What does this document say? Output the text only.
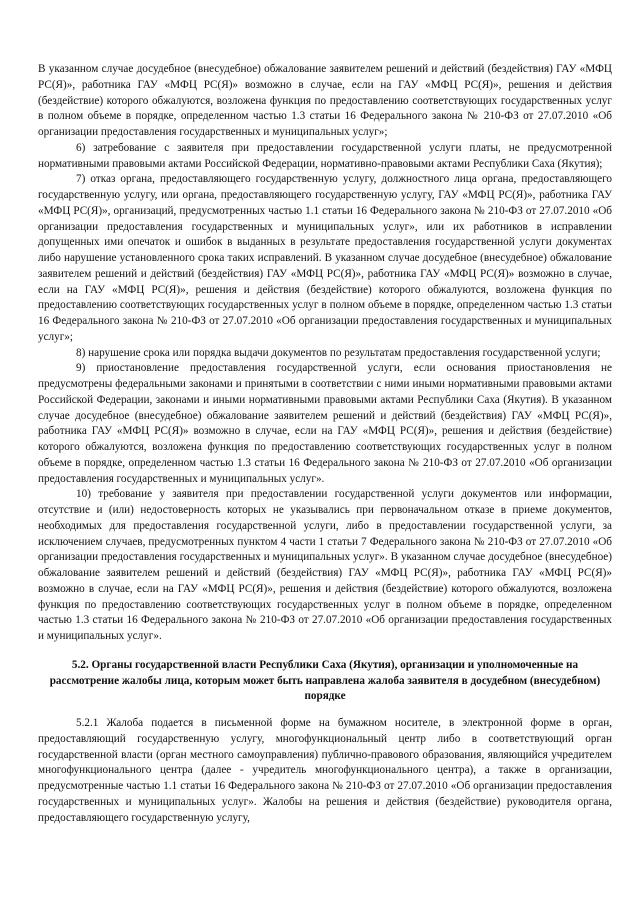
В указанном случае досудебное (внесудебное) обжалование заявителем решений и действий (бездействия) ГАУ «МФЦ РС(Я)», работника ГАУ «МФЦ РС(Я)» возможно в случае, если на ГАУ «МФЦ РС(Я)», решения и действия (бездействие) которого обжалуются, возложена функция по предоставлению соответствующих государственных услуг в полном объеме в порядке, определенном частью 1.3 статьи 16 Федерального закона № 210-ФЗ от 27.07.2010 «Об организации предоставления государственных и муниципальных услуг»;

6) затребование с заявителя при предоставлении государственной услуги платы, не предусмотренной нормативными правовыми актами Российской Федерации, нормативно-правовыми актами Республики Саха (Якутия);

7) отказ органа, предоставляющего государственную услугу, должностного лица органа, предоставляющего государственную услугу, или органа, предоставляющего государственную услугу, ГАУ «МФЦ РС(Я)», работника ГАУ «МФЦ РС(Я)», организаций, предусмотренных частью 1.1 статьи 16 Федерального закона № 210-ФЗ от 27.07.2010 «Об организации предоставления государственных и муниципальных услуг», или их работников в исправлении допущенных ими опечаток и ошибок в выданных в результате предоставления государственной услуги документах либо нарушение установленного срока таких исправлений. В указанном случае досудебное (внесудебное) обжалование заявителем решений и действий (бездействия) ГАУ «МФЦ РС(Я)», работника ГАУ «МФЦ РС(Я)» возможно в случае, если на ГАУ «МФЦ РС(Я)», решения и действия (бездействие) которого обжалуются, возложена функция по предоставлению соответствующих государственных услуг в полном объеме в порядке, определенном частью 1.3 статьи 16 Федерального закона № 210-ФЗ от 27.07.2010 «Об организации предоставления государственных и муниципальных услуг»;

8) нарушение срока или порядка выдачи документов по результатам предоставления государственной услуги;

9) приостановление предоставления государственной услуги, если основания приостановления не предусмотрены федеральными законами и принятыми в соответствии с ними иными нормативными правовыми актами Российской Федерации, законами и иными нормативными правовыми актами Республики Саха (Якутия). В указанном случае досудебное (внесудебное) обжалование заявителем решений и действий (бездействия) ГАУ «МФЦ РС(Я)», работника ГАУ «МФЦ РС(Я)» возможно в случае, если на ГАУ «МФЦ РС(Я)», решения и действия (бездействие) которого обжалуются, возложена функция по предоставлению соответствующих государственных услуг в полном объеме в порядке, определенном частью 1.3 статьи 16 Федерального закона № 210-ФЗ от 27.07.2010 «Об организации предоставления государственных и муниципальных услуг».

10) требование у заявителя при предоставлении государственной услуги документов или информации, отсутствие и (или) недостоверность которых не указывались при первоначальном отказе в приеме документов, необходимых для предоставления государственной услуги, либо в предоставлении государственной услуги, за исключением случаев, предусмотренных пунктом 4 части 1 статьи 7 Федерального закона № 210-ФЗ от 27.07.2010 «Об организации предоставления государственных и муниципальных услуг». В указанном случае досудебное (внесудебное) обжалование заявителем решений и действий (бездействия) ГАУ «МФЦ РС(Я)», работника ГАУ «МФЦ РС(Я)» возможно в случае, если на ГАУ «МФЦ РС(Я)», решения и действия (бездействие) которого обжалуются, возложена функция по предоставлению соответствующих государственных услуг в полном объеме в порядке, определенном частью 1.3 статьи 16 Федерального закона № 210-ФЗ от 27.07.2010 «Об организации предоставления государственных и муниципальных услуг».

5.2. Органы государственной власти Республики Саха (Якутия), организации и уполномоченные на рассмотрение жалобы лица, которым может быть направлена жалоба заявителя в досудебном (внесудебном) порядке

5.2.1 Жалоба подается в письменной форме на бумажном носителе, в электронной форме в орган, предоставляющий государственную услугу, многофункциональный центр либо в соответствующий орган государственной власти (орган местного самоуправления) публично-правового образования, являющийся учредителем многофункционального центра (далее - учредитель многофункционального центра), а также в организации, предусмотренные частью 1.1 статьи 16 Федерального закона № 210-ФЗ от 27.07.2010 «Об организации предоставления государственных и муниципальных услуг». Жалобы на решения и действия (бездействие) руководителя органа, предоставляющего государственную услугу,
